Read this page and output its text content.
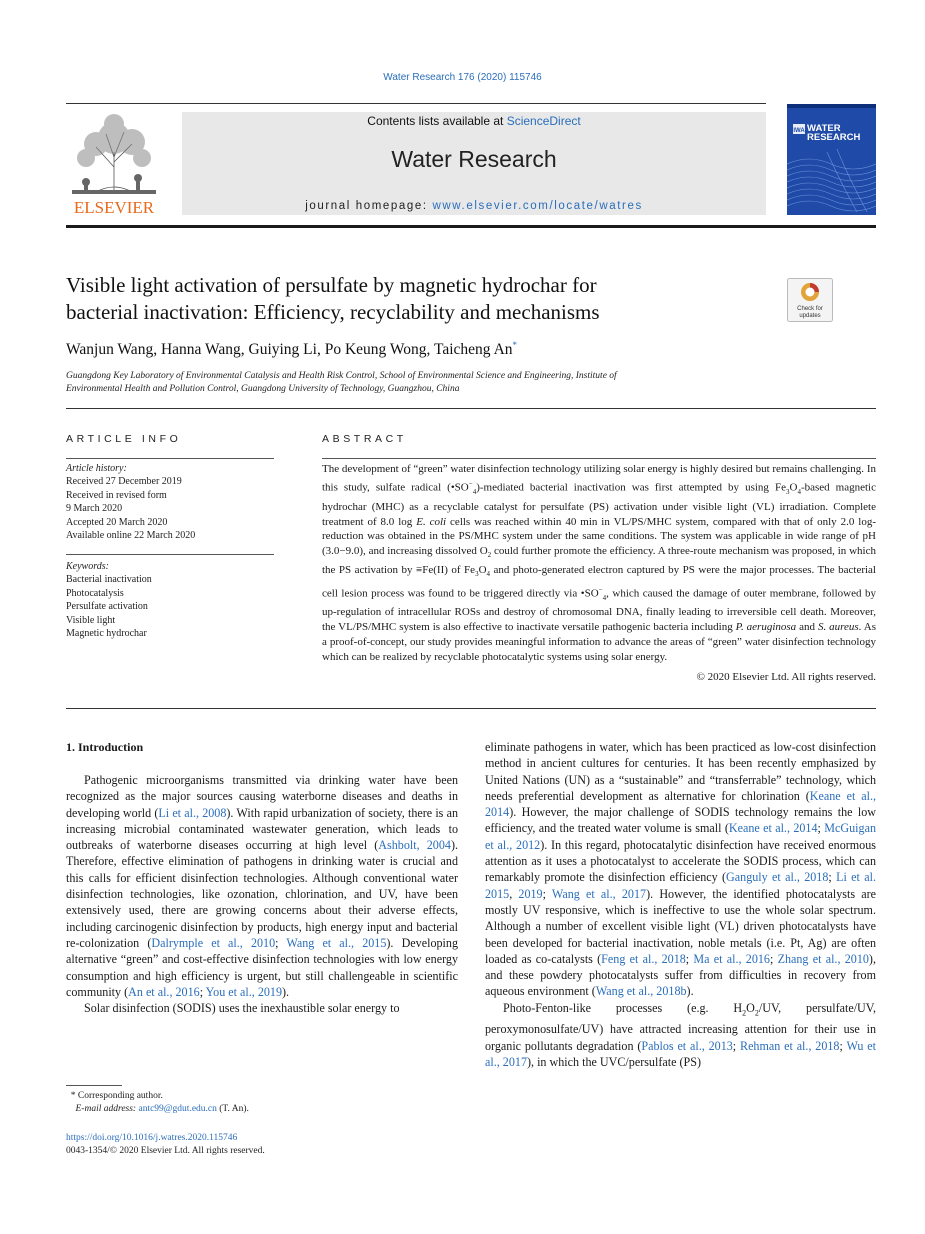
Water Research 176 (2020) 115746
ELSEVIER
Contents lists available at ScienceDirect
Water Research
journal homepage: www.elsevier.com/locate/watres
IWA WATER
RESEARCH
Visible light activation of persulfate by magnetic hydrochar for
bacterial inactivation: Efficiency, recyclability and mechanisms	Check for
updates
Wanjun Wang, Hanna Wang, Guiying Li, Po Keung Wong, Taicheng An*
Guangdong Key Laboratory of Environmental Catalysis and Health Risk Control, School of Environmental Science and Engineering, Institute of
Environmental Health and Pollution Control, Guangdong University of Technology, Guangzhou, China
ARTICLE INFO	ABSTRACT
Article history:
Received 27 December 2019
Received in revised form
9 March 2020
Accepted 20 March 2020
Available online 22 March 2020
Keywords:
Bacterial inactivation
Photocatalysis
Persulfate activation
Visible light
Magnetic hydrochar
The development of “green” water disinfection technology utilizing solar energy is highly desired but remains challenging. In this study, sulfate radical $(•SO^-_4)$-mediated bacterial inactivation was first attempted by using $Fe_3O_4$-based magnetic hydrochar (MHC) as a recyclable catalyst for persulfate (PS) activation under visible light (VL) irradiation. Complete treatment of 8.0 log E. coli cells was reached within 40 min in VL/PS/MHC system, compared with that of only 2.0 log-reduction was obtained in the PS/MHC system under the same conditions. The system was applicable in wide range of pH (3.0−9.0), and increasing dissolved $O_2$ could further promote the efficiency. A three-route mechanism was proposed, in which the PS activation by ≡Fe(II) of $Fe_3O_4$ and photo-generated electron captured by PS were the major processes. The bacterial cell lesion process was found to be triggered directly via $•SO^-_4$, which caused the damage of outer membrane, followed by up-regulation of intracellular ROSs and destroy of chromosomal DNA, finally leading to irreversible cell death. Moreover, the VL/PS/MHC system is also effective to inactivate versatile pathogenic bacteria including P. aeruginosa and S. aureus. As a proof-of-concept, our study provides meaningful information to advance the areas of “green” water disinfection technology which can be realized by recyclable photocatalytic systems using solar energy.
© 2020 Elsevier Ltd. All rights reserved.
1. Introduction

Pathogenic microorganisms transmitted via drinking water have been recognized as the major sources causing waterborne diseases and deaths in developing world (Li et al., 2008). With rapid urbanization of society, there is an increasing microbial contaminated wastewater generation, which leads to outbreaks of waterborne diseases occurring at high level (Ashbolt, 2004). Therefore, effective elimination of pathogens in drinking water is crucial and this calls for efficient disinfection technologies. Although conventional water disinfection technologies, like ozonation, chlorination, and UV, have been extensively used, there are growing concerns about their adverse effects, including carcinogenic disinfection by products, high energy input and bacterial re-colonization (Dalrymple et al., 2010; Wang et al., 2015). Developing alternative “green” and cost-effective disinfection technologies with low energy consumption and high efficiency is urgent, but still challengeable in scientific community (An et al., 2016; You et al., 2019).

Solar disinfection (SODIS) uses the inexhaustible solar energy to

eliminate pathogens in water, which has been practiced as low-cost disinfection method in ancient cultures for centuries. It has been recently emphasized by United Nations (UN) as a “sustainable” and “transferrable” technology, which needs preferential development as alternative for chlorination (Keane et al., 2014). However, the major challenge of SODIS technology remains the low efficiency, and the treated water volume is small (Keane et al., 2014; McGuigan et al., 2012). In this regard, photocatalytic disinfection have received enormous attention as it uses a photocatalyst to accelerate the SODIS process, which can remarkably promote the disinfection efficiency (Ganguly et al., 2018; Li et al. 2015, 2019; Wang et al., 2017). However, the identified photocatalysts are mostly UV responsive, which is ineffective to use the whole solar spectrum. Although a number of excellent visible light (VL) driven photocatalysts have been developed for bacterial inactivation, noble metals (i.e. Pt, Ag) are often loaded as co-catalysts (Feng et al., 2018; Ma et al., 2016; Zhang et al., 2010), and these powdery photocatalysts suffer from difficulties in recovery from aqueous environment (Wang et al., 2018b).

Photo-Fenton-like processes (e.g. $H_2O_2/UV$, persulfate/UV, peroxymonosulfate/UV) have attracted increasing attention for their use in organic pollutants degradation (Pablos et al., 2013; Rehman et al., 2018; Wu et al., 2017), in which the UVC/persulfate (PS)

* Corresponding author.
E-mail address: antc99@gdut.edu.cn (T. An).
https://doi.org/10.1016/j.watres.2020.115746
0043-1354/© 2020 Elsevier Ltd. All rights reserved.
